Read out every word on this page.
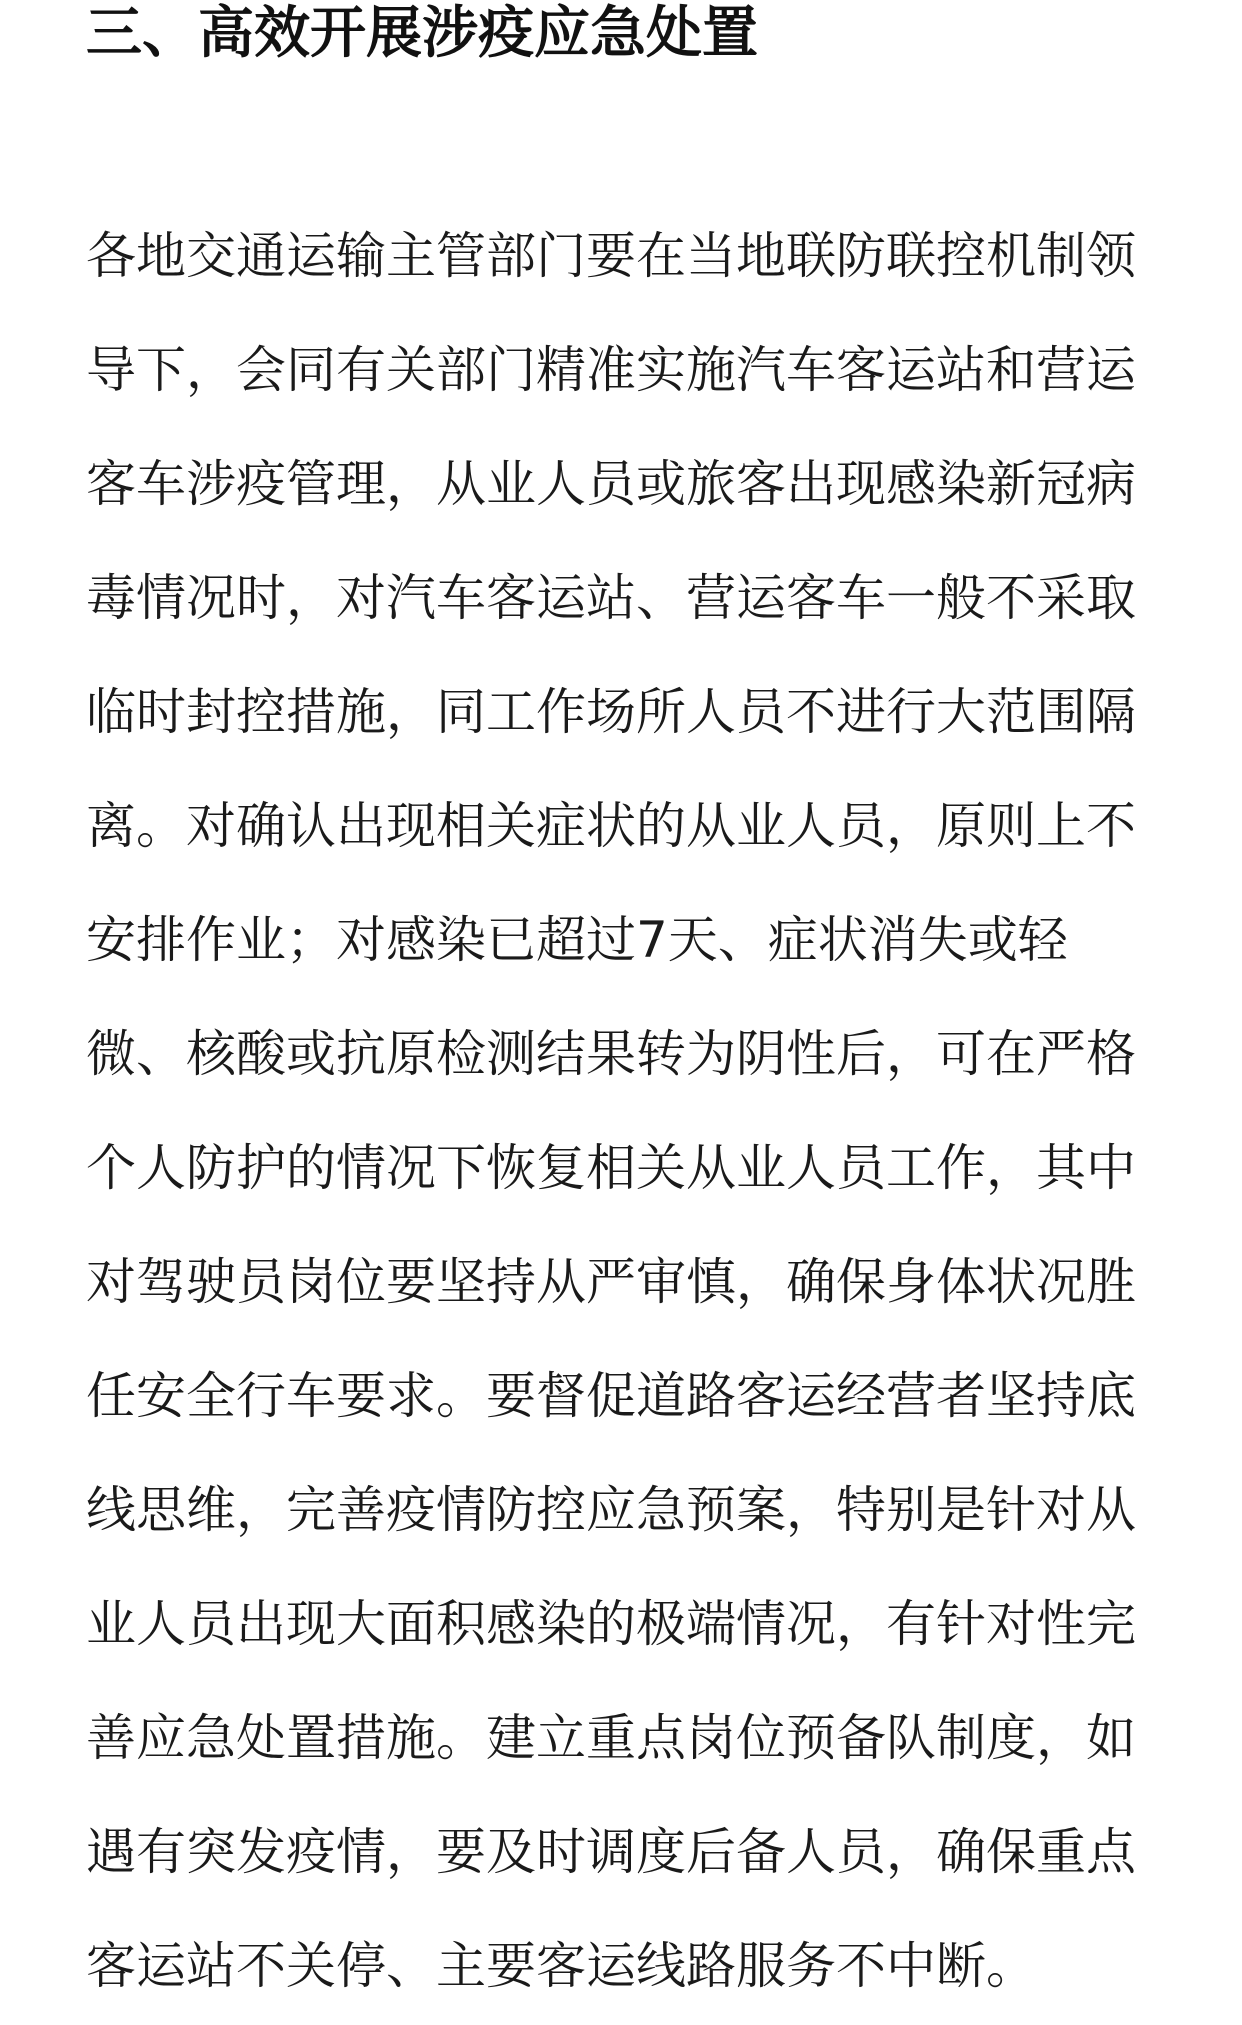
三、高效开展涉疫应急处置
各地交通运输主管部门要在当地联防联控机制领
导下，会同有关部门精准实施汽车客运站和营运
客车涉疫管理，从业人员或旅客出现感染新冠病
毒情况时，对汽车客运站、营运客车一般不采取
临时封控措施，同工作场所人员不进行大范围隔
离。对确认出现相关症状的从业人员，原则上不
安排作业；对感染已超过7天、症状消失或轻
微、核酸或抗原检测结果转为阴性后，可在严格
个人防护的情况下恢复相关从业人员工作，其中
对驾驶员岗位要坚持从严审慎，确保身体状况胜
任安全行车要求。要督促道路客运经营者坚持底
线思维，完善疫情防控应急预案，特别是针对从
业人员出现大面积感染的极端情况，有针对性完
善应急处置措施。建立重点岗位预备队制度，如
遇有突发疫情，要及时调度后备人员，确保重点
客运站不关停、主要客运线路服务不中断。
